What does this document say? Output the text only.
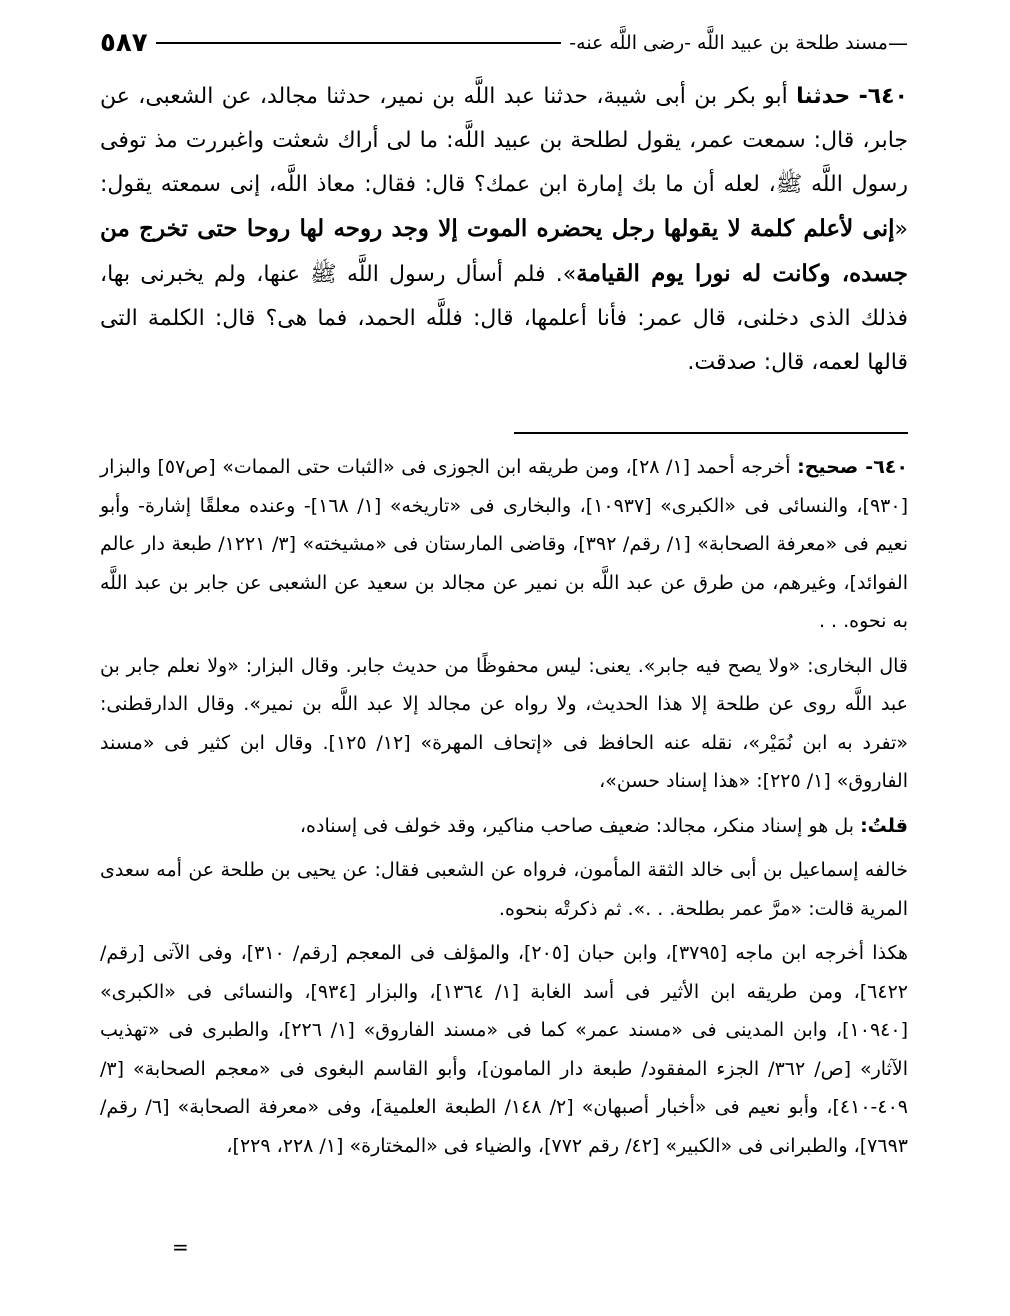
—
مسند طلحة بن عبيد اللَّه -رضى اللَّه عنه-
٥٨٧

٦٤٠- حدثنا أبو بكر بن أبى شيبة، حدثنا عبد اللَّه بن نمير، حدثنا مجالد، عن الشعبى، عن جابر، قال: سمعت عمر، يقول لطلحة بن عبيد اللَّه: ما لى أراك شعثت واغبررت مذ توفى رسول اللَّه ﷺ، لعله أن ما بك إمارة ابن عمك؟ قال: فقال: معاذ اللَّه، إنى سمعته يقول: «إنى لأعلم كلمة لا يقولها رجل يحضره الموت إلا وجد روحه لها روحا حتى تخرج من جسده، وكانت له نورا يوم القيامة». فلم أسأل رسول اللَّه ﷺ عنها، ولم يخبرنى بها، فذلك الذى دخلنى، قال عمر: فأنا أعلمها، قال: فللَّه الحمد، فما هى؟ قال: الكلمة التى قالها لعمه، قال: صدقت.

٦٤٠- صحيح: أخرجه أحمد [١/ ٢٨]، ومن طريقه ابن الجوزى فى «الثبات حتى الممات» [ص٥٧] والبزار [٩٣٠]، والنسائى فى «الكبرى» [١٠٩٣٧]، والبخارى فى «تاريخه» [١/ ١٦٨]- وعنده معلقًا إشارة- وأبو نعيم فى «معرفة الصحابة» [١/ رقم/ ٣٩٢]، وقاضى المارستان فى «مشيخته» [٣/ ١٢٢١/ طبعة دار عالم الفوائد]، وغيرهم، من طرق عن عبد اللَّه بن نمير عن مجالد بن سعيد عن الشعبى عن جابر بن عبد اللَّه به نحوه. . .

قال البخارى: «ولا يصح فيه جابر». يعنى: ليس محفوظًا من حديث جابر. وقال البزار: «ولا نعلم جابر بن عبد اللَّه روى عن طلحة إلا هذا الحديث، ولا رواه عن مجالد إلا عبد اللَّه بن نمير». وقال الدارقطنى: «تفرد به ابن نُمَيْر»، نقله عنه الحافظ فى «إتحاف المهرة» [١٢/ ١٢٥]. وقال ابن كثير فى «مسند الفاروق» [١/ ٢٢٥]: «هذا إسناد حسن»،

قلتُ: بل هو إسناد منكر، مجالد: ضعيف صاحب مناكير، وقد خولف فى إسناده،

خالفه إسماعيل بن أبى خالد الثقة المأمون، فرواه عن الشعبى فقال: عن يحيى بن طلحة عن أمه سعدى المرية قالت: «مرَّ عمر بطلحة. . .». ثم ذكرتْه بنحوه.

هكذا أخرجه ابن ماجه [٣٧٩٥]، وابن حبان [٢٠٥]، والمؤلف فى المعجم [رقم/ ٣١٠]، وفى الآتى [رقم/ ٦٤٢٢]، ومن طريقه ابن الأثير فى أسد الغابة [١/ ١٣٦٤]، والبزار [٩٣٤]، والنسائى فى «الكبرى» [١٠٩٤٠]، وابن المدينى فى «مسند عمر» كما فى «مسند الفاروق» [١/ ٢٢٦]، والطبرى فى «تهذيب الآثار» [ص/ ٣٦٢/ الجزء المفقود/ طبعة دار المامون]، وأبو القاسم البغوى فى «معجم الصحابة» [٣/ ٤٠٩-٤١٠]، وأبو نعيم فى «أخبار أصبهان» [٢/ ١٤٨/ الطبعة العلمية]، وفى «معرفة الصحابة» [٦/ رقم/ ٧٦٩٣]، والطبرانى فى «الكبير» [٤٢/ رقم ٧٧٢]، والضياء فى «المختارة» [١/ ٢٢٨، ٢٢٩]،

=
